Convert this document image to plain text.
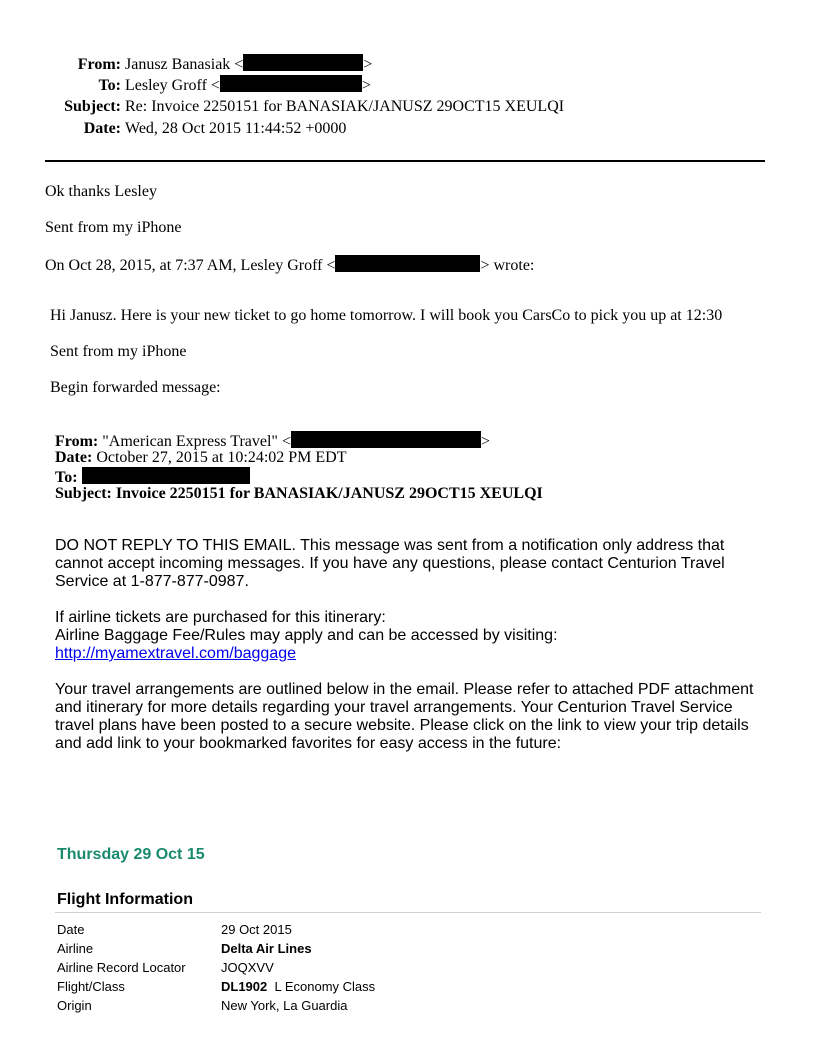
From: Janusz Banasiak <	>
To: Lesley Groff <	>
Subject: Re: Invoice 2250151 for BANASIAK/JANUSZ 29OCT15 XEULQI
Date: Wed, 28 Oct 2015 11:44:52 +0000
Ok thanks Lesley
Sent from my iPhone
On Oct 28, 2015, at 7:37 AM, Lesley Groff <	> wrote:
Hi Janusz. Here is your new ticket to go home tomorrow. I will book you CarsCo to pick you up at 12:30
Sent from my iPhone
Begin forwarded message:
From: "American Express Travel" <	>
Date: October 27, 2015 at 10:24:02 PM EDT
To:
Subject: Invoice 2250151 for BANASIAK/JANUSZ 29OCT15 XEULQI

DO NOT REPLY TO THIS EMAIL. This message was sent from a notification only address that cannot accept incoming messages. If you have any questions, please contact Centurion Travel Service at 1-877-877-0987.

If airline tickets are purchased for this itinerary:

Airline Baggage Fee/Rules may apply and can be accessed by visiting:

http://myamextravel.com/baggage

Your travel arrangements are outlined below in the email. Please refer to attached PDF attachment and itinerary for more details regarding your travel arrangements. Your Centurion Travel Service travel plans have been posted to a secure website. Please click on the link to view your trip details and add link to your bookmarked favorites for easy access in the future:

Thursday 29 Oct 15
Flight Information
Date	29 Oct 2015
Airline	Delta Air Lines
Airline Record Locator	JOQXVV
Flight/Class	DL1902 L Economy Class
Origin	New York, La Guardia
